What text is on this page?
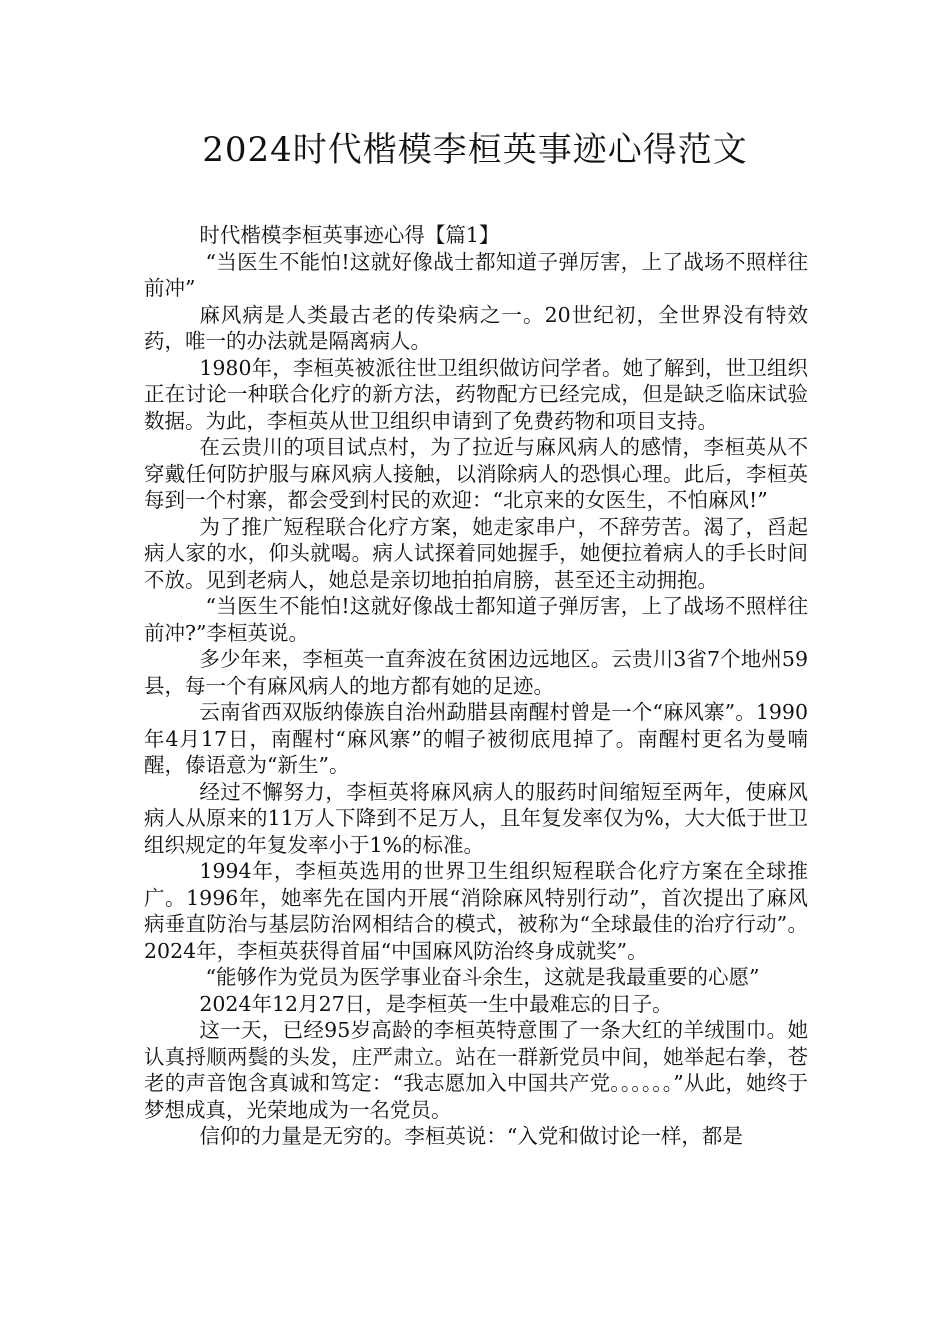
2024时代楷模李桓英事迹心得范文

时代楷模李桓英事迹心得【篇1】

“当医生不能怕!这就好像战士都知道子弹厉害，上了战场不照样往前冲”

麻风病是人类最古老的传染病之一。20世纪初，全世界没有特效药，唯一的办法就是隔离病人。

1980年，李桓英被派往世卫组织做访问学者。她了解到，世卫组织正在讨论一种联合化疗的新方法，药物配方已经完成，但是缺乏临床试验数据。为此，李桓英从世卫组织申请到了免费药物和项目支持。

在云贵川的项目试点村，为了拉近与麻风病人的感情，李桓英从不穿戴任何防护服与麻风病人接触，以消除病人的恐惧心理。此后，李桓英每到一个村寨，都会受到村民的欢迎：“北京来的女医生，不怕麻风!”

为了推广短程联合化疗方案，她走家串户，不辞劳苦。渴了，舀起病人家的水，仰头就喝。病人试探着同她握手，她便拉着病人的手长时间不放。见到老病人，她总是亲切地拍拍肩膀，甚至还主动拥抱。

“当医生不能怕!这就好像战士都知道子弹厉害，上了战场不照样往前冲?”李桓英说。

多少年来，李桓英一直奔波在贫困边远地区。云贵川3省7个地州59县，每一个有麻风病人的地方都有她的足迹。

云南省西双版纳傣族自治州勐腊县南醒村曾是一个“麻风寨”。1990年4月17日，南醒村“麻风寨”的帽子被彻底甩掉了。南醒村更名为曼喃醒，傣语意为“新生”。

经过不懈努力，李桓英将麻风病人的服药时间缩短至两年，使麻风病人从原来的11万人下降到不足万人，且年复发率仅为%，大大低于世卫组织规定的年复发率小于1%的标准。

1994年，李桓英选用的世界卫生组织短程联合化疗方案在全球推广。1996年，她率先在国内开展“消除麻风特别行动”，首次提出了麻风病垂直防治与基层防治网相结合的模式，被称为“全球最佳的治疗行动”。2024年，李桓英获得首届“中国麻风防治终身成就奖”。

“能够作为党员为医学事业奋斗余生，这就是我最重要的心愿”

2024年12月27日，是李桓英一生中最难忘的日子。

这一天，已经95岁高龄的李桓英特意围了一条大红的羊绒围巾。她认真捋顺两鬓的头发，庄严肃立。站在一群新党员中间，她举起右拳，苍老的声音饱含真诚和笃定：“我志愿加入中国共产党。。。。。。”从此，她终于梦想成真，光荣地成为一名党员。

信仰的力量是无穷的。李桓英说：“入党和做讨论一样，都是
